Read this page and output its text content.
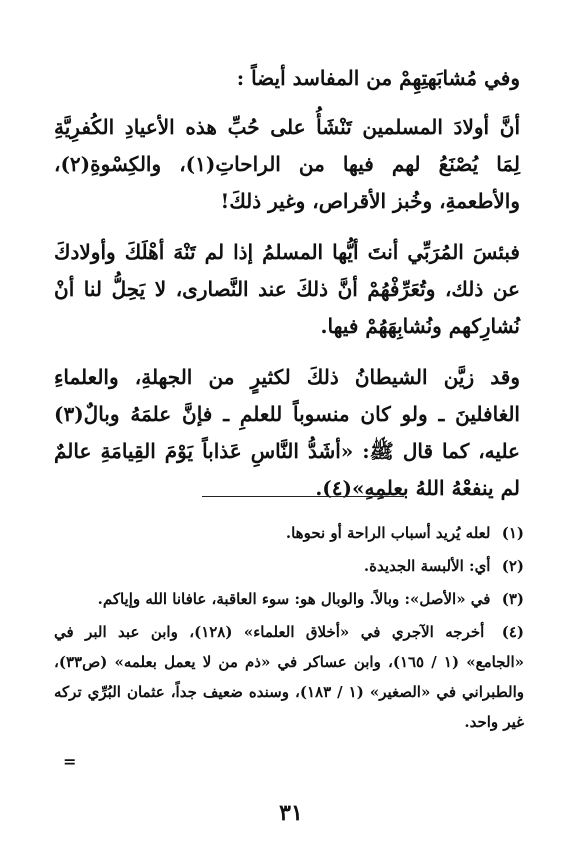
وفي مُشابَهتِهِمْ من المفاسد أيضاً :

أنَّ أولادَ المسلمين تَنْشَأُ على حُبِّ هذه الأعيادِ الكُفرِيَّةِ لِمَا يُصْنَعُ لهم فيها من الراحاتِ(١)، والكِسْوةِ(٢)، والأطعمةِ، وخُبز الأقراص، وغير ذلكَ!

فبئسَ المُرَبِّي أنتَ أيُّها المسلمُ إذا لم تَنْهَ أهْلَكَ وأولادكَ عن ذلك، وتُعَرِّفْهُمْ أنَّ ذلكَ عند النَّصارى، لا يَحِلُّ لنا أنْ نُشارِكهم ونُشابِهَهُمْ فيها.

وقد زيَّن الشيطانُ ذلكَ لكثيرٍ من الجهلةِ، والعلماءِ الغافلينَ ـ ولو كان منسوباً للعلمِ ـ فإنَّ علمَهُ وبالٌ(٣) عليه، كما قال ﷺ: «أشَدُّ النَّاسِ عَذاباً يَوْمَ القِيامَةِ عالمٌ لم ينفعْهُ اللهُ بعلمِهِ»(٤).

(١) لعله يُريد أسباب الراحة أو نحوها.

(٢) أي: الألبسة الجديدة.

(٣) في «الأصل»: وبالاً. والوبال هو: سوء العاقبة، عافانا الله وإياكم.

(٤) أخرجه الآجري في «أخلاق العلماء» (١٢٨)، وابن عبد البر في «الجامع» (١ / ١٦٥)، وابن عساكر في «ذم من لا يعمل بعلمه» (ص٣٣)، والطبراني في «الصغير» (١ / ١٨٣)، وسنده ضعيف جداً، عثمان البُرِّي تركه غير واحد.

=
٣١
